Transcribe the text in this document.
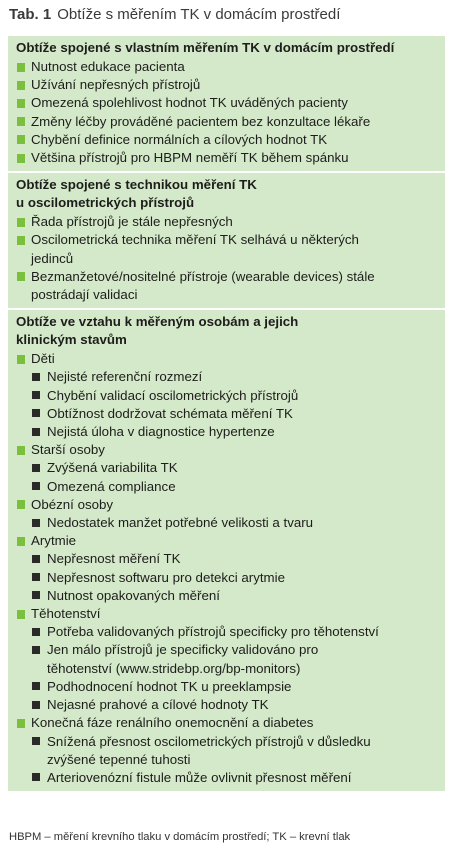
Tab. 1 Obtíže s měřením TK v domácím prostředí
Obtíže spojené s vlastním měřením TK v domácím prostředí
Nutnost edukace pacienta
Užívání nepřesných přístrojů
Omezená spolehlivost hodnot TK uváděných pacienty
Změny léčby prováděné pacientem bez konzultace lékaře
Chybění definice normálních a cílových hodnot TK
Většina přístrojů pro HBPM neměří TK během spánku
Obtíže spojené s technikou měření TK
u oscilometrických přístrojů
Řada přístrojů je stále nepřesných
Oscilometrická technika měření TK selhává u některých
jedinců
Bezmanžetové/nositelné přístroje (wearable devices) stále
postrádají validaci
Obtíže ve vztahu k měřeným osobám a jejich
klinickým stavům
Děti
Nejisté referenční rozmezí
Chybění validací oscilometrických přístrojů
Obtížnost dodržovat schémata měření TK
Nejistá úloha v diagnostice hypertenze
Starší osoby
Zvýšená variabilita TK
Omezená compliance
Obézní osoby
Nedostatek manžet potřebné velikosti a tvaru
Arytmie
Nepřesnost měření TK
Nepřesnost softwaru pro detekci arytmie
Nutnost opakovaných měření
Těhotenství
Potřeba validovaných přístrojů specificky pro těhotenství
Jen málo přístrojů je specificky validováno pro
těhotenství (www.stridebp.org/bp-monitors)
Podhodnocení hodnot TK u preeklampsie
Nejasné prahové a cílové hodnoty TK
Konečná fáze renálního onemocnění a diabetes
Snížená přesnost oscilometrických přístrojů v důsledku
zvýšené tepenné tuhosti
Arteriovenózní fistule může ovlivnit přesnost měření
HBPM – měření krevního tlaku v domácím prostředí; TK – krevní tlak
